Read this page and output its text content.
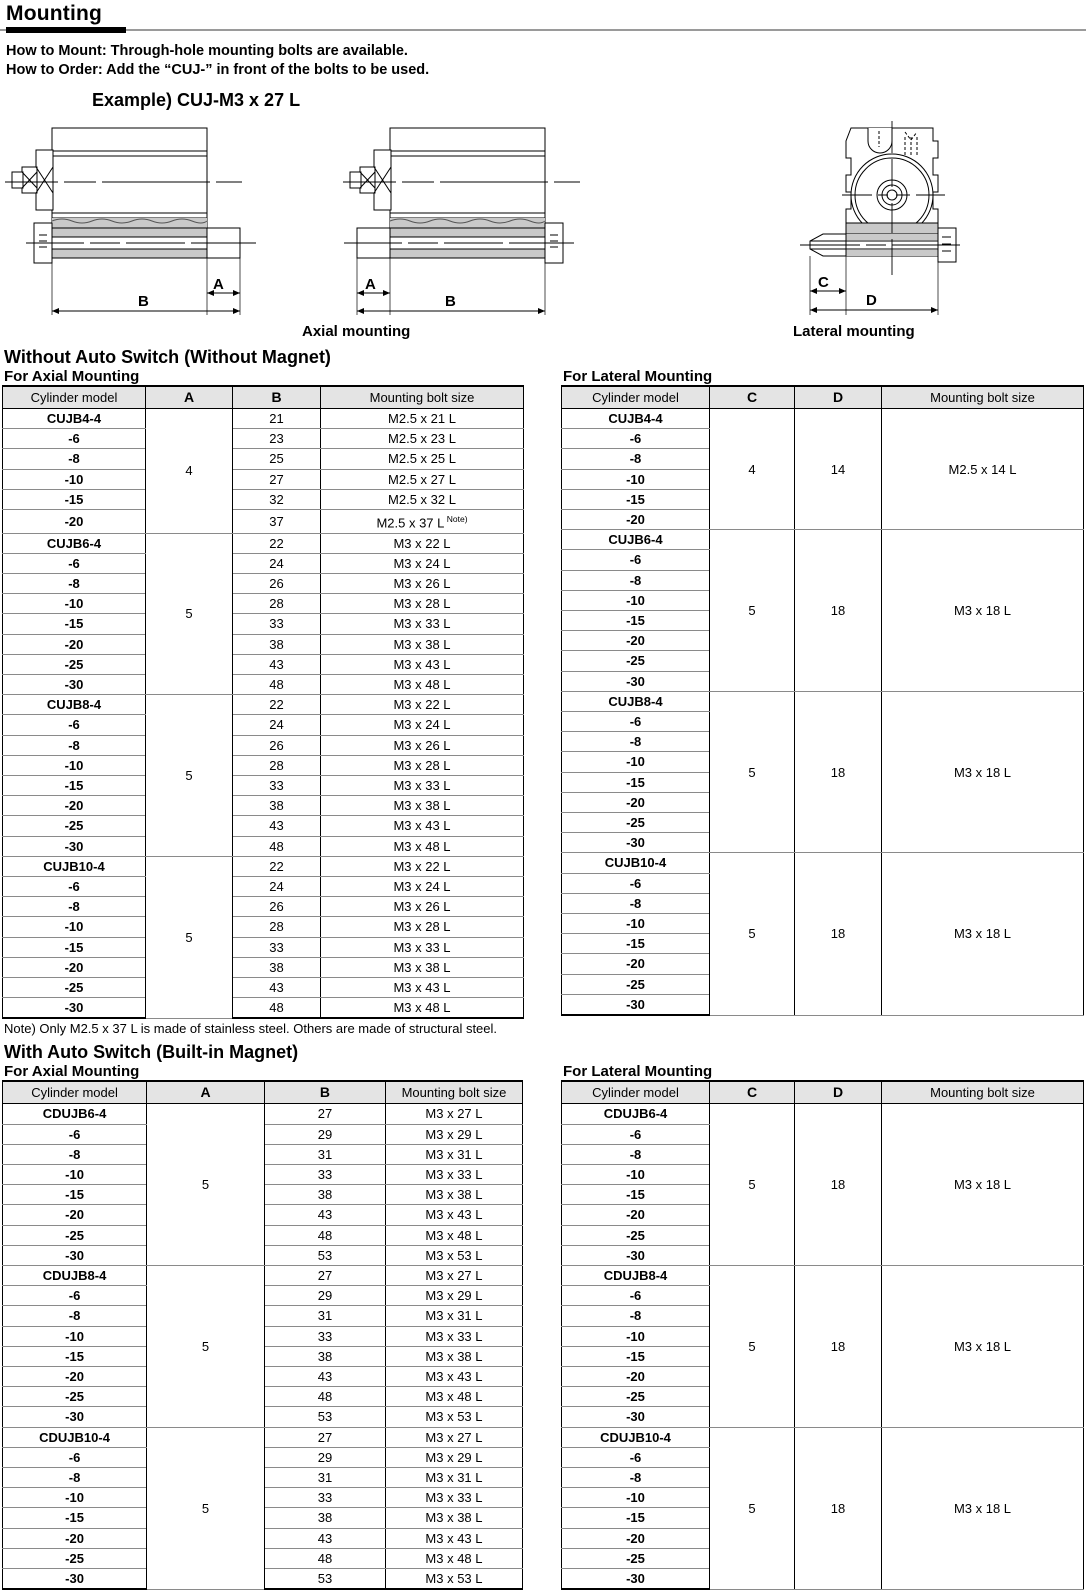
Mounting
How to Mount: Through-hole mounting bolts are available.
How to Order: Add the “CUJ-” in front of the bolts to be used.
Example) CUJ-M3 x 27 L
A
B
A
B
C
D
Axial mounting	Lateral mounting
Without Auto Switch (Without Magnet)
For Axial Mounting
Cylinder model	A	B	Mounting bolt size
CUJB4-4	4	21	M2.5 x 21 L
-6		23	M2.5 x 23 L
-8		25	M2.5 x 25 L
-10		27	M2.5 x 27 L
-15		32	M2.5 x 32 L
-20		37	M2.5 x 37 L $^{Note)}$
CUJB6-4	5	22	M3 x 22 L
-6		24	M3 x 24 L
-8		26	M3 x 26 L
-10		28	M3 x 28 L
-15		33	M3 x 33 L
-20		38	M3 x 38 L
-25		43	M3 x 43 L
-30		48	M3 x 48 L
CUJB8-4	5	22	M3 x 22 L
-6		24	M3 x 24 L
-8		26	M3 x 26 L
-10		28	M3 x 28 L
-15		33	M3 x 33 L
-20		38	M3 x 38 L
-25		43	M3 x 43 L
-30		48	M3 x 48 L
CUJB10-4	5	22	M3 x 22 L
-6		24	M3 x 24 L
-8		26	M3 x 26 L
-10		28	M3 x 28 L
-15		33	M3 x 33 L
-20		38	M3 x 38 L
-25		43	M3 x 43 L
-30		48	M3 x 48 L
Note) Only M2.5 x 37 L is made of stainless steel. Others are made of structural steel.
For Lateral Mounting
Cylinder model	C	D	Mounting bolt size
CUJB4-4	4	14	M2.5 x 14 L
-6			
-8			
-10			
-15			
-20			
CUJB6-4	5	18	M3 x 18 L
-6			
-8			
-10			
-15			
-20			
-25			
-30			
CUJB8-4	5	18	M3 x 18 L
-6			
-8			
-10			
-15			
-20			
-25			
-30			
CUJB10-4	5	18	M3 x 18 L
-6			
-8			
-10			
-15			
-20			
-25			
-30			
With Auto Switch (Built-in Magnet)
For Axial Mounting
Cylinder model	A	B	Mounting bolt size
CDUJB6-4	5	27	M3 x 27 L
-6		29	M3 x 29 L
-8		31	M3 x 31 L
-10		33	M3 x 33 L
-15		38	M3 x 38 L
-20		43	M3 x 43 L
-25		48	M3 x 48 L
-30		53	M3 x 53 L
CDUJB8-4	5	27	M3 x 27 L
-6		29	M3 x 29 L
-8		31	M3 x 31 L
-10		33	M3 x 33 L
-15		38	M3 x 38 L
-20		43	M3 x 43 L
-25		48	M3 x 48 L
-30		53	M3 x 53 L
CDUJB10-4	5	27	M3 x 27 L
-6		29	M3 x 29 L
-8		31	M3 x 31 L
-10		33	M3 x 33 L
-15		38	M3 x 38 L
-20		43	M3 x 43 L
-25		48	M3 x 48 L
-30		53	M3 x 53 L
For Lateral Mounting
Cylinder model	C	D	Mounting bolt size
CDUJB6-4	5	18	M3 x 18 L
-6			
-8			
-10			
-15			
-20			
-25			
-30			
CDUJB8-4	5	18	M3 x 18 L
-6			
-8			
-10			
-15			
-20			
-25			
-30			
CDUJB10-4	5	18	M3 x 18 L
-6			
-8			
-10			
-15			
-20			
-25			
-30			
